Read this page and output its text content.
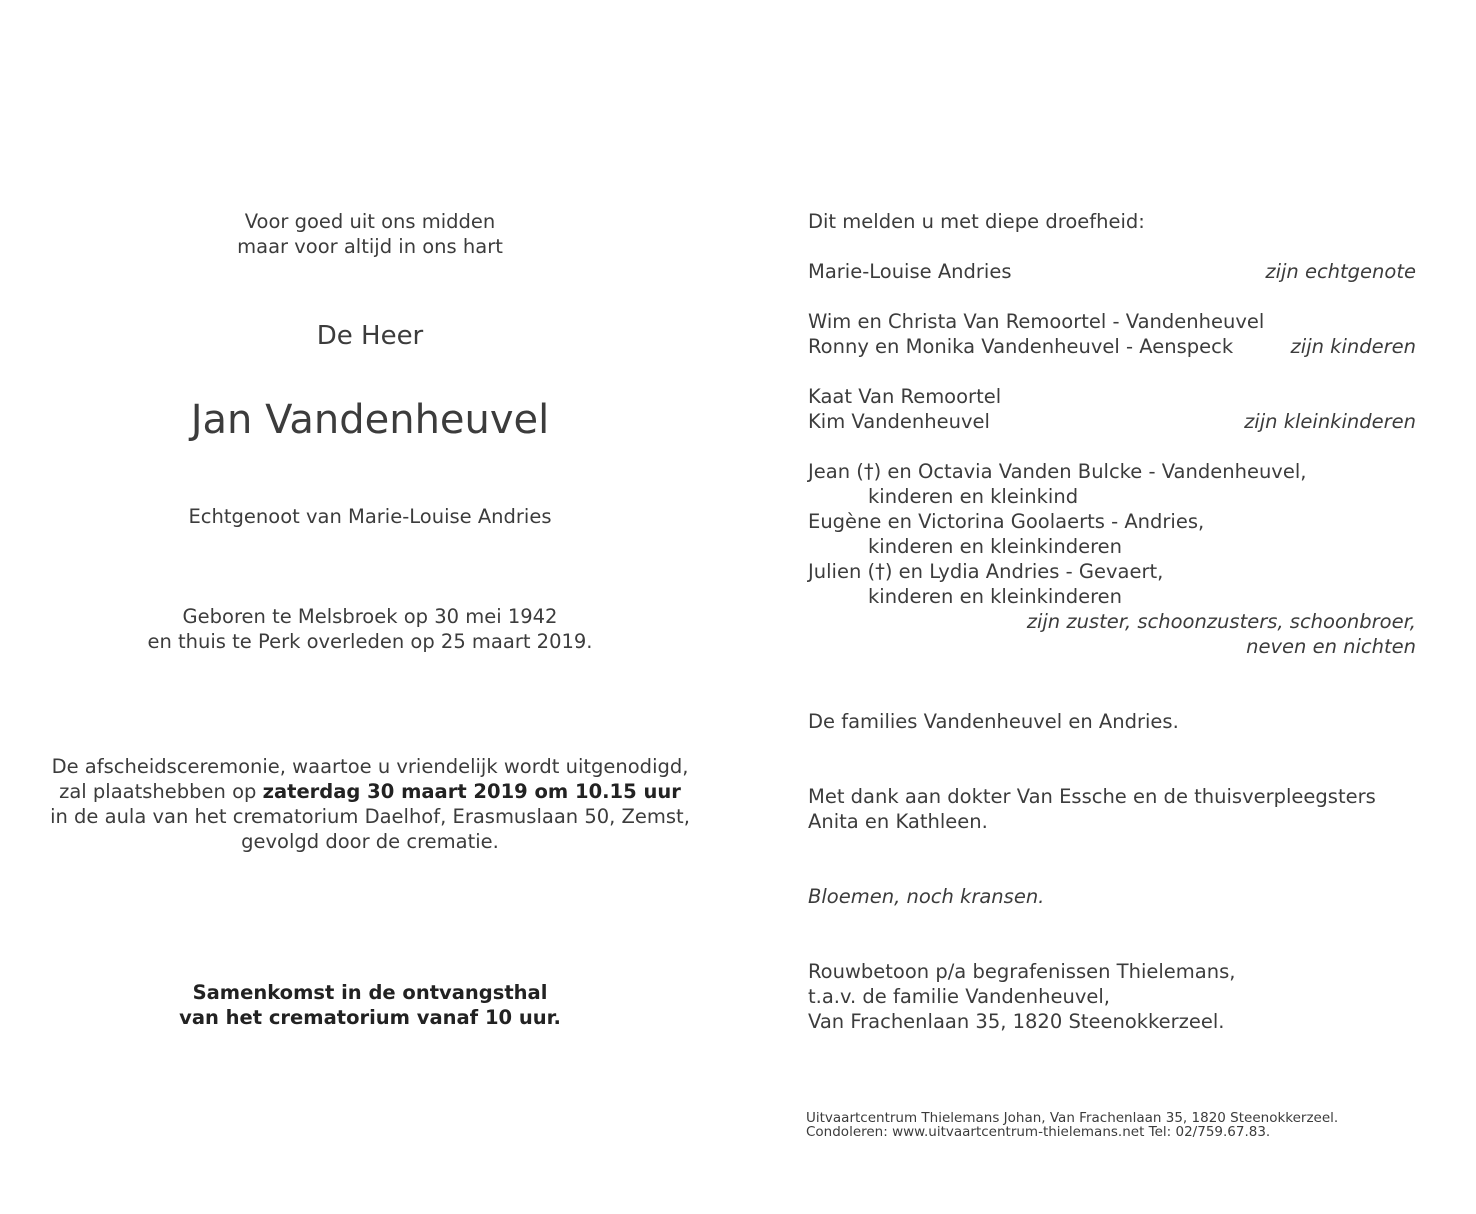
Voor goed uit ons midden
maar voor altijd in ons hart
De Heer
Jan Vandenheuvel
Echtgenoot van Marie-Louise Andries
Geboren te Melsbroek op 30 mei 1942
en thuis te Perk overleden op 25 maart 2019.
De afscheidsceremonie, waartoe u vriendelijk wordt uitgenodigd,
zal plaatshebben op zaterdag 30 maart 2019 om 10.15 uur
in de aula van het crematorium Daelhof, Erasmuslaan 50, Zemst,
gevolgd door de crematie.
Samenkomst in de ontvangsthal
van het crematorium vanaf 10 uur.
Dit melden u met diepe droefheid:
Marie-Louise Andries	zijn echtgenote
Wim en Christa Van Remoortel - Vandenheuvel
Ronny en Monika Vandenheuvel - Aenspeck	zijn kinderen
Kaat Van Remoortel
Kim Vandenheuvel	zijn kleinkinderen
Jean (†) en Octavia Vanden Bulcke - Vandenheuvel,
kinderen en kleinkind
Eugène en Victorina Goolaerts - Andries,
kinderen en kleinkinderen
Julien (†) en Lydia Andries - Gevaert,
kinderen en kleinkinderen
zijn zuster, schoonzusters, schoonbroer,
neven en nichten
De families Vandenheuvel en Andries.
Met dank aan dokter Van Essche en de thuisverpleegsters
Anita en Kathleen.
Bloemen, noch kransen.
Rouwbetoon p/a begrafenissen Thielemans,
t.a.v. de familie Vandenheuvel,
Van Frachenlaan 35, 1820 Steenokkerzeel.
Uitvaartcentrum Thielemans Johan, Van Frachenlaan 35, 1820 Steenokkerzeel.
Condoleren: www.uitvaartcentrum-thielemans.net Tel: 02/759.67.83.
